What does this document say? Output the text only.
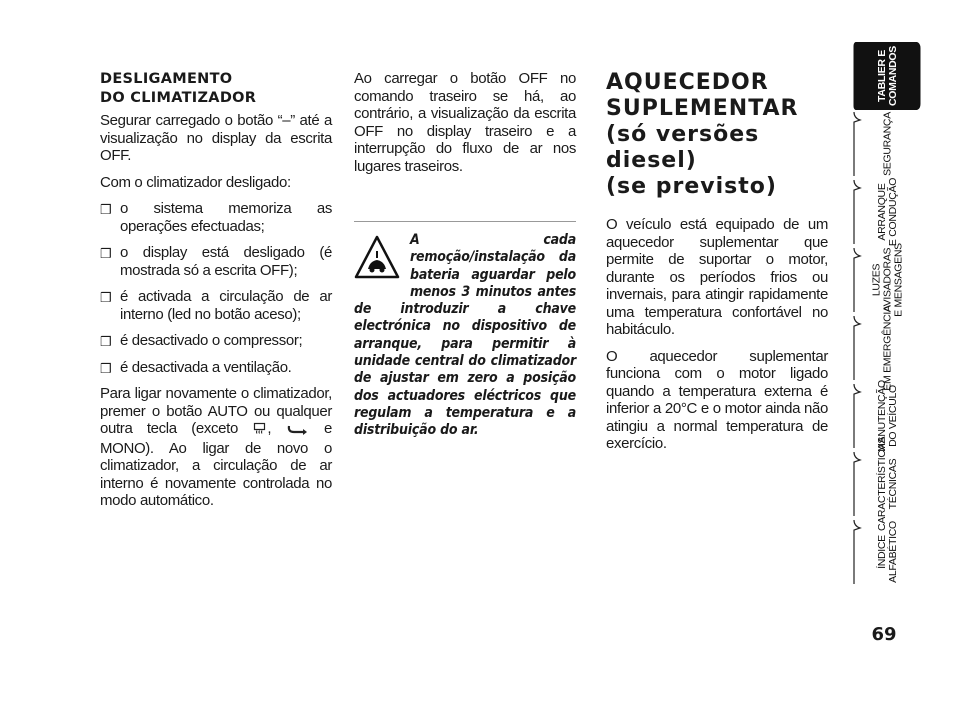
DESLIGAMENTO
DO CLIMATIZADOR

Segurar carregado o botão “–” até a visualização no display da escrita OFF.

Com o climatizador desligado:

❒ o sistema memoriza as operações efectuadas;
❒ o display está desligado (é mostrada só a escrita OFF);
❒ é activada a circulação de ar interno (led no botão aceso);
❒ é desactivado o compressor;
❒ é desactivada a ventilação.

Para ligar novamente o climatizador, premer o botão AUTO ou qualquer outra tecla (exceto ,	e MONO). Ao ligar de novo o climatizador, a circulação de ar interno é novamente controlada no modo automático.

Ao carregar o botão OFF no comando traseiro se há, ao contrário, a visualização da escrita OFF no display traseiro e a interrupção do fluxo de ar nos lugares traseiros.

A cada remoção/instalação da bateria aguardar pelo menos 3 minutos antes de introduzir a chave electrónica no dispositivo de arranque, para permitir à unidade central do climatizador de ajustar em zero a posição dos actuadores eléctricos que regulam a temperatura e a distribuição do ar.

AQUECEDOR
SUPLEMENTAR
(só versões diesel)
(se previsto)

O veículo está equipado de um aquecedor suplementar que permite de suportar o motor, durante os períodos frios ou invernais, para atingir rapidamente uma temperatura confortável no habitáculo.

O aquecedor suplementar funciona com o motor ligado quando a temperatura externa é inferior a 20°C e o motor ainda não atingiu a normal temperatura de exercício.

TABLIER E
COMANDOS
SEGURANÇA
ARRANQUE
E CONDUÇÃO
LUZES
AVISADORAS
E MENSAGENS
EM EMERGÊNCIA
MANUTENÇÃO
DO VEÍCULO
CARACTERÍSTICAS
TÉCNICAS
ÍNDICE
ALFABÉTICO
69
